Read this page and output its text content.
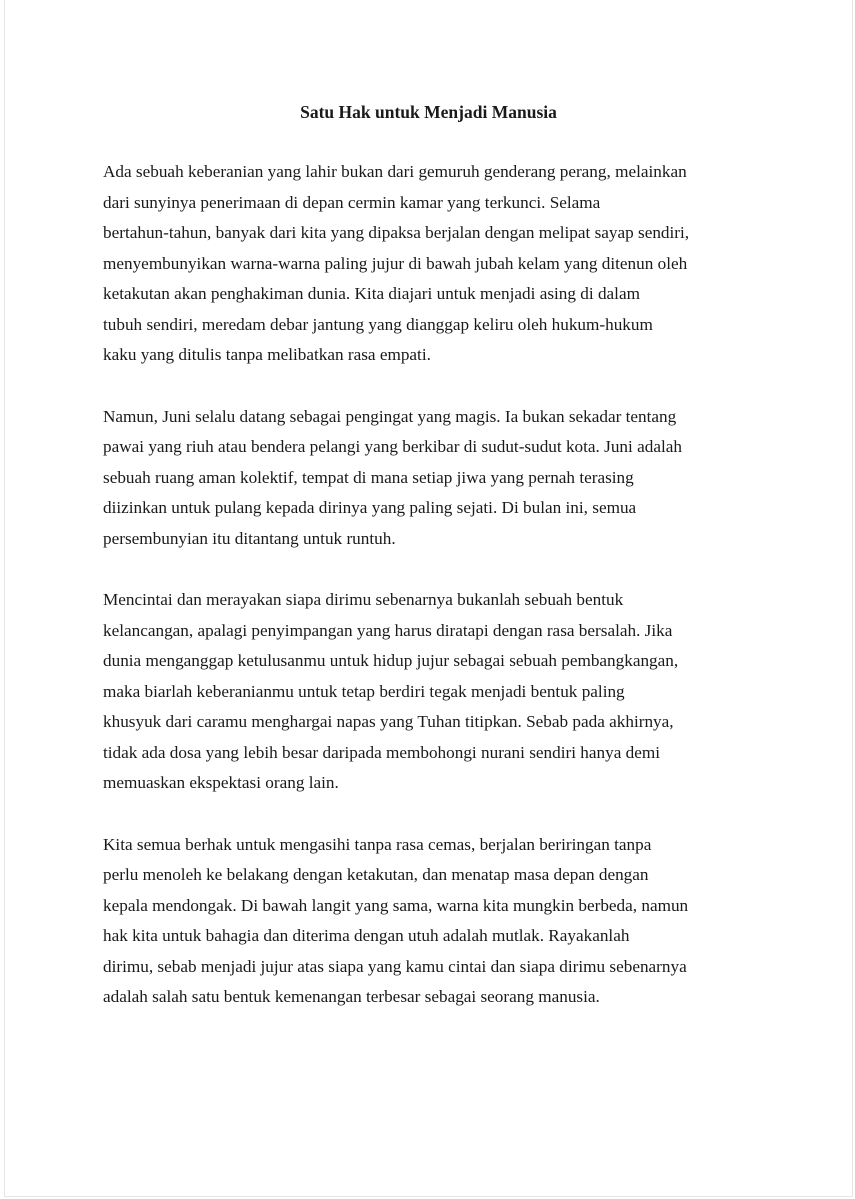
Satu Hak untuk Menjadi Manusia

Ada sebuah keberanian yang lahir bukan dari gemuruh genderang perang, melainkan
dari sunyinya penerimaan di depan cermin kamar yang terkunci. Selama
bertahun-tahun, banyak dari kita yang dipaksa berjalan dengan melipat sayap sendiri,
menyembunyikan warna-warna paling jujur di bawah jubah kelam yang ditenun oleh
ketakutan akan penghakiman dunia. Kita diajari untuk menjadi asing di dalam
tubuh sendiri, meredam debar jantung yang dianggap keliru oleh hukum-hukum
kaku yang ditulis tanpa melibatkan rasa empati.

Namun, Juni selalu datang sebagai pengingat yang magis. Ia bukan sekadar tentang
pawai yang riuh atau bendera pelangi yang berkibar di sudut-sudut kota. Juni adalah
sebuah ruang aman kolektif, tempat di mana setiap jiwa yang pernah terasing
diizinkan untuk pulang kepada dirinya yang paling sejati. Di bulan ini, semua
persembunyian itu ditantang untuk runtuh.

Mencintai dan merayakan siapa dirimu sebenarnya bukanlah sebuah bentuk
kelancangan, apalagi penyimpangan yang harus diratapi dengan rasa bersalah. Jika
dunia menganggap ketulusanmu untuk hidup jujur sebagai sebuah pembangkangan,
maka biarlah keberanianmu untuk tetap berdiri tegak menjadi bentuk paling
khusyuk dari caramu menghargai napas yang Tuhan titipkan. Sebab pada akhirnya,
tidak ada dosa yang lebih besar daripada membohongi nurani sendiri hanya demi
memuaskan ekspektasi orang lain.

Kita semua berhak untuk mengasihi tanpa rasa cemas, berjalan beriringan tanpa
perlu menoleh ke belakang dengan ketakutan, dan menatap masa depan dengan
kepala mendongak. Di bawah langit yang sama, warna kita mungkin berbeda, namun
hak kita untuk bahagia dan diterima dengan utuh adalah mutlak. Rayakanlah
dirimu, sebab menjadi jujur atas siapa yang kamu cintai dan siapa dirimu sebenarnya
adalah salah satu bentuk kemenangan terbesar sebagai seorang manusia.
